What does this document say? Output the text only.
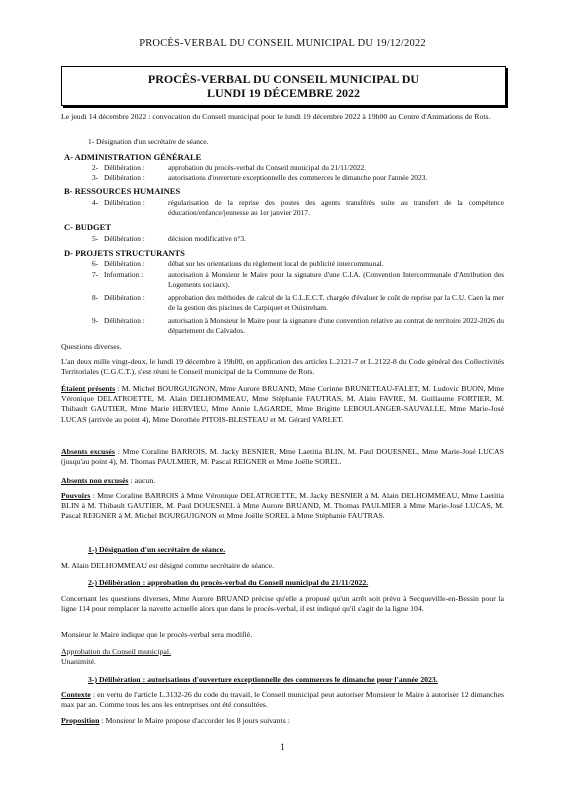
PROCÈS-VERBAL DU CONSEIL MUNICIPAL DU 19/12/2022
PROCÈS-VERBAL DU CONSEIL MUNICIPAL DU
LUNDI 19 DÉCEMBRE 2022
Le jeudi 14 décembre 2022 : convocation du Conseil municipal pour le lundi 19 décembre 2022 à 19h00 au Centre d'Animations de Rots.
1- Désignation d'un secrétaire de séance.
A- ADMINISTRATION GÉNÉRALE
2- Délibération :	approbation du procès-verbal du Conseil municipal du 21/11/2022.
3- Délibération :	autorisations d'ouverture exceptionnelle des commerces le dimanche pour l'année 2023.
B- RESSOURCES HUMAINES
4- Délibération :	régularisation de la reprise des postes des agents transférés suite au transfert de la compétence éducation/enfance/jeunesse au 1er janvier 2017.
C- BUDGET
5- Délibération :	décision modificative n°3.
D- PROJETS STRUCTURANTS
6- Délibération :	débat sur les orientations du règlement local de publicité intercommunal.
7- Information :	autorisation à Monsieur le Maire pour la signature d'une C.I.A. (Convention Intercommunale d'Attribution des Logements sociaux).
8- Délibération :	approbation des méthodes de calcul de la C.L.E.C.T. chargée d'évaluer le coût de reprise par la C.U. Caen la mer de la gestion des piscines de Carpiquet et Ouistreham.
9- Délibération :	autorisation à Monsieur le Maire pour la signature d'une convention relative au contrat de territoire 2022-2026 du département du Calvados.
Questions diverses.
L'an deux mille vingt-deux, le lundi 19 décembre à 19h00, en application des articles L.2121-7 et L.2122-8 du Code général des Collectivités Territoriales (C.G.C.T.), s'est réuni le Conseil municipal de la Commune de Rots.
Étaient présents : M. Michel BOURGUIGNON, Mme Aurore BRUAND, Mme Corinne BRUNETEAU-FALET, M. Ludovic BUON, Mme Véronique DELATROETTE, M. Alain DELHOMMEAU, Mme Stéphanie FAUTRAS, M. Alain FAVRE, M. Guillaume FORTIER, M. Thibault GAUTIER, Mme Marie HERVIEU, Mme Annie LAGARDE, Mme Brigitte LEBOULANGER-SAUVALLE, Mme Marie-José LUCAS (arrivée au point 4), Mme Dorothée PITOIS-BLESTEAU et M. Gérard VARLET.
Absents excusés : Mme Coraline BARROIS, M. Jacky BESNIER, Mme Laetitia BLIN, M. Paul DOUESNEL, Mme Marie-José LUCAS (jusqu'au point 4), M. Thomas PAULMIER, M. Pascal REIGNER et Mme Joëlle SOREL.
Absents non excusés : aucun.
Pouvoirs : Mme Coraline BARROIS à Mme Véronique DELATROETTE, M. Jacky BESNIER à M. Alain DELHOMMEAU, Mme Laetitia BLIN à M. Thibault GAUTIER, M. Paul DOUESNEL à Mme Aurore BRUAND, M. Thomas PAULMIER à Mme Marie-José LUCAS, M. Pascal REIGNER à M. Michel BOURGUIGNON et Mme Joëlle SOREL à Mme Stéphanie FAUTRAS.
1-) Désignation d'un secrétaire de séance.
M. Alain DELHOMMEAU est désigné comme secrétaire de séance.
2-) Délibération : approbation du procès-verbal du Conseil municipal du 21/11/2022.
Concernant les questions diverses, Mme Aurore BRUAND précise qu'elle a proposé qu'un arrêt soit prévu à Secqueville-en-Bessin pour la ligne 114 pour remplacer la navette actuelle alors que dans le procès-verbal, il est indiqué qu'il s'agit de la ligne 104.
Monsieur le Maire indique que le procès-verbal sera modifié.
Approbation du Conseil municipal.
Unanimité.
3-) Délibération : autorisations d'ouverture exceptionnelle des commerces le dimanche pour l'année 2023.
Contexte : en vertu de l'article L.3132-26 du code du travail, le Conseil municipal peut autoriser Monsieur le Maire à autoriser 12 dimanches max par an. Comme tous les ans les entreprises ont été consultées.
Proposition : Monsieur le Maire propose d'accorder les 8 jours suivants :
1
